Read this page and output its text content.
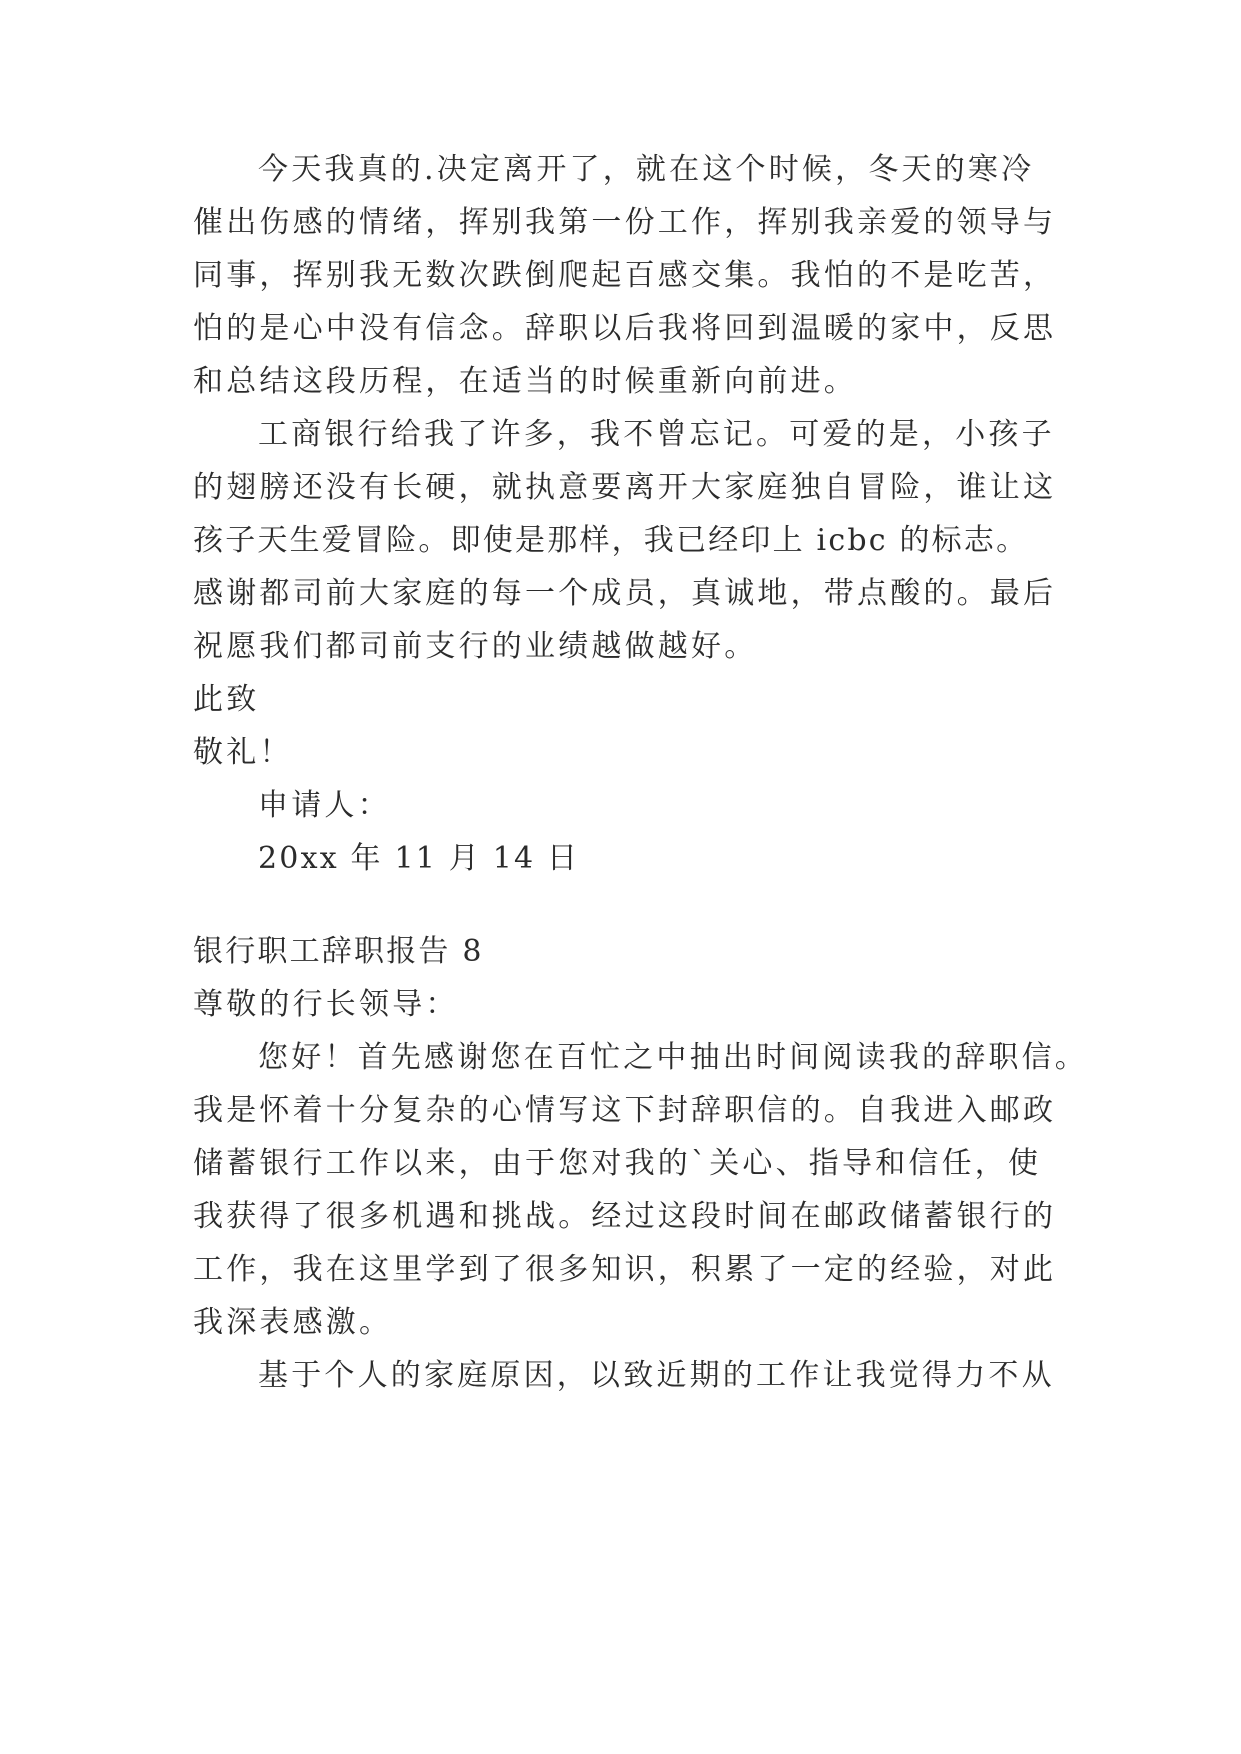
今天我真的.决定离开了，就在这个时候，冬天的寒冷

催出伤感的情绪，挥别我第一份工作，挥别我亲爱的领导与

同事，挥别我无数次跌倒爬起百感交集。我怕的不是吃苦，

怕的是心中没有信念。辞职以后我将回到温暖的家中，反思

和总结这段历程，在适当的时候重新向前进。

工商银行给我了许多，我不曾忘记。可爱的是，小孩子

的翅膀还没有长硬，就执意要离开大家庭独自冒险，谁让这

孩子天生爱冒险。即使是那样，我已经印上 icbc 的标志。

感谢都司前大家庭的每一个成员，真诚地，带点酸的。最后

祝愿我们都司前支行的业绩越做越好。

此致

敬礼！

申请人：

20xx 年 11 月 14 日

银行职工辞职报告 8

尊敬的行长领导：

您好！首先感谢您在百忙之中抽出时间阅读我的辞职信。

我是怀着十分复杂的心情写这下封辞职信的。自我进入邮政

储蓄银行工作以来，由于您对我的`关心、指导和信任，使

我获得了很多机遇和挑战。经过这段时间在邮政储蓄银行的

工作，我在这里学到了很多知识，积累了一定的经验，对此

我深表感激。

基于个人的家庭原因，以致近期的工作让我觉得力不从
